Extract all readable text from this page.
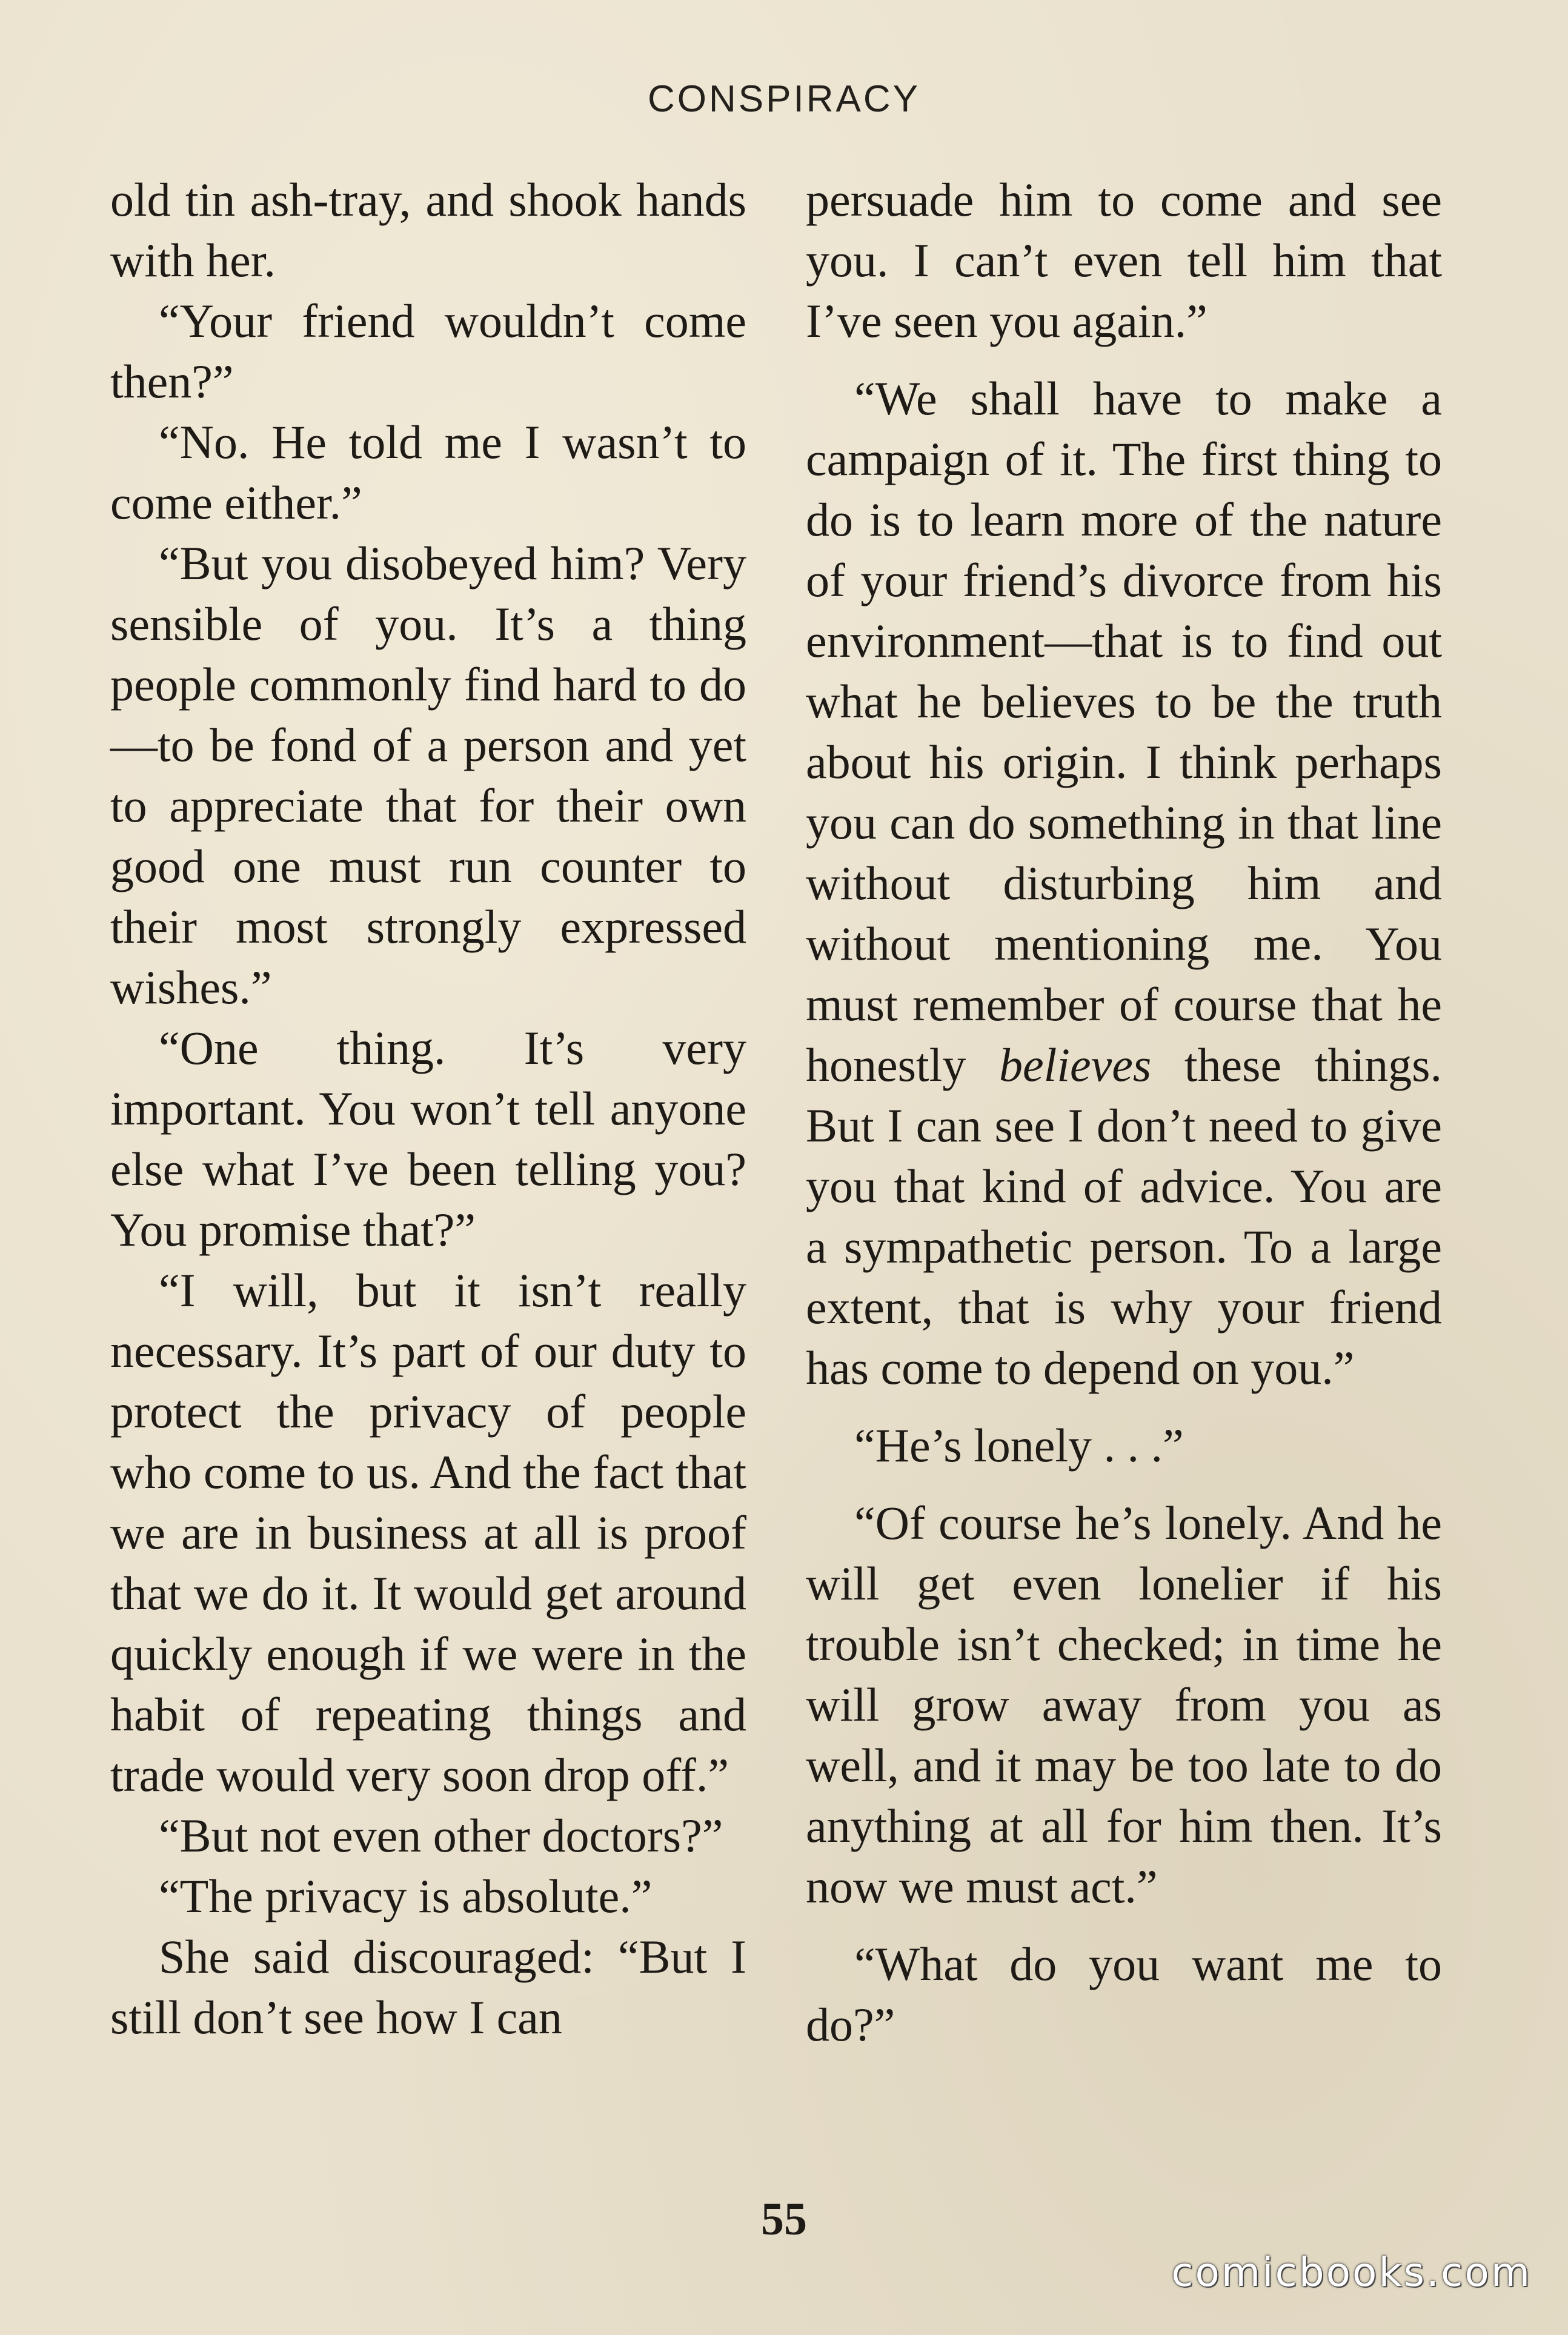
CONSPIRACY

old tin ash-tray, and shook hands with her.

“Your friend wouldn’t come then?”

“No. He told me I wasn’t to come either.”

“But you disobeyed him? Very sensible of you. It’s a thing people commonly find hard to do—to be fond of a person and yet to appreciate that for their own good one must run counter to their most strongly expressed wishes.”

“One thing. It’s very important. You won’t tell anyone else what I’ve been telling you? You promise that?”

“I will, but it isn’t really necessary. It’s part of our duty to protect the privacy of people who come to us. And the fact that we are in business at all is proof that we do it. It would get around quickly enough if we were in the habit of repeating things and trade would very soon drop off.”

“But not even other doctors?”

“The privacy is absolute.”

She said discouraged: “But I still don’t see how I can

persuade him to come and see you. I can’t even tell him that I’ve seen you again.”

“We shall have to make a campaign of it. The first thing to do is to learn more of the nature of your friend’s divorce from his environment—that is to find out what he believes to be the truth about his origin. I think perhaps you can do something in that line without disturbing him and without mentioning me. You must remember of course that he honestly believes these things. But I can see I don’t need to give you that kind of advice. You are a sympathetic person. To a large extent, that is why your friend has come to depend on you.”

“He’s lonely . . .”

“Of course he’s lonely. And he will get even lonelier if his trouble isn’t checked; in time he will grow away from you as well, and it may be too late to do anything at all for him then. It’s now we must act.”

“What do you want me to do?”

55
comicbooks.com
